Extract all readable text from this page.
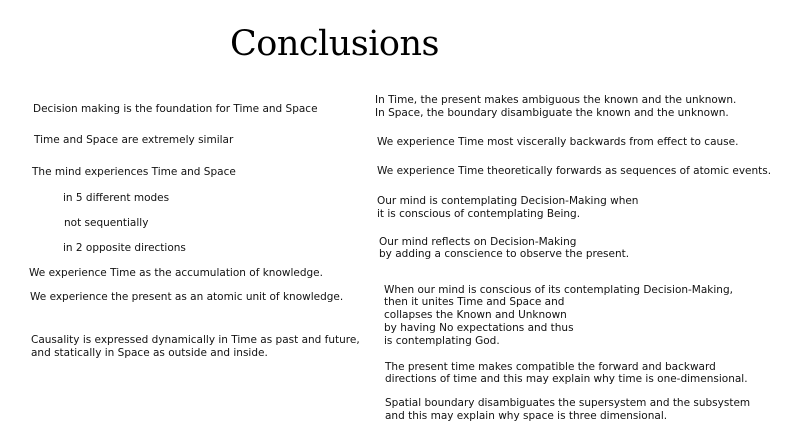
Conclusions
Decision making is the foundation for Time and Space
Time and Space are extremely similar
The mind experiences Time and Space
in 5 different modes
not sequentially
in 2 opposite directions
We experience Time as the accumulation of knowledge.
We experience the present as an atomic unit of knowledge.
Causality is expressed dynamically in Time as past and future,
and statically in Space as outside and inside.
In Time, the present makes ambiguous the known and the unknown.
In Space, the boundary disambiguate the known and the unknown.
We experience Time most viscerally backwards from effect to cause.
We experience Time theoretically forwards as sequences of atomic events.
Our mind is contemplating Decision-Making when
it is conscious of contemplating Being.
Our mind reflects on Decision-Making
by adding a conscience to observe the present.
When our mind is conscious of its contemplating Decision-Making,
then it unites Time and Space and
collapses the Known and Unknown
by having No expectations and thus
is contemplating God.
The present time makes compatible the forward and backward
directions of time and this may explain why time is one-dimensional.
Spatial boundary disambiguates the supersystem and the subsystem
and this may explain why space is three dimensional.
